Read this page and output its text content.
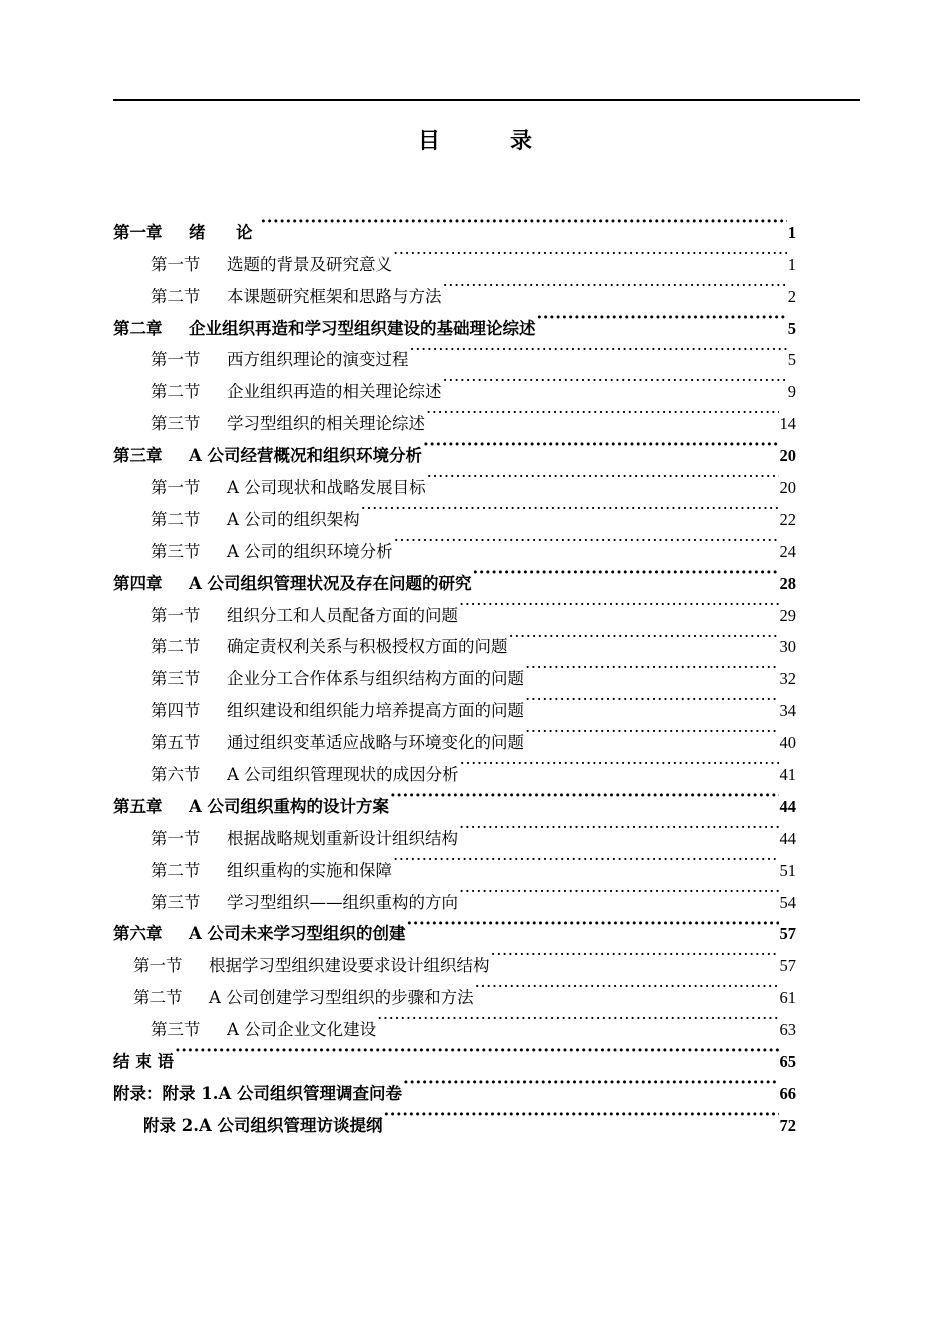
目　录
第一章	绪　论 ·····	1
第一节	选题的背景及研究意义 ·····	1
第二节	本课题研究框架和思路与方法 ·····	2
第二章	企业组织再造和学习型组织建设的基础理论综述 ·····	5
第一节	西方组织理论的演变过程 ·····	5
第二节	企业组织再造的相关理论综述 ·····	9
第三节	学习型组织的相关理论综述 ·····	14
第三章	A 公司经营概况和组织环境分析 ·····	20
第一节	A 公司现状和战略发展目标 ·····	20
第二节	A 公司的组织架构 ·····	22
第三节	A 公司的组织环境分析 ·····	24
第四章	A 公司组织管理状况及存在问题的研究 ·····	28
第一节	组织分工和人员配备方面的问题 ·····	29
第二节	确定责权利关系与积极授权方面的问题 ·····	30
第三节	企业分工合作体系与组织结构方面的问题 ·····	32
第四节	组织建设和组织能力培养提高方面的问题 ·····	34
第五节	通过组织变革适应战略与环境变化的问题 ·····	40
第六节	A 公司组织管理现状的成因分析 ·····	41
第五章	A 公司组织重构的设计方案 ·····	44
第一节	根据战略规划重新设计组织结构 ·····	44
第二节	组织重构的实施和保障 ·····	51
第三节	学习型组织——组织重构的方向 ·····	54
第六章	A 公司未来学习型组织的创建 ·····	57
第一节	根据学习型组织建设要求设计组织结构 ·····	57
第二节	A 公司创建学习型组织的步骤和方法 ·····	61
第三节	A 公司企业文化建设 ·····	63
结 束 语 ·····	65
附录：附录 1.A 公司组织管理调查问卷 ·····	66
附录 2.A 公司组织管理访谈提纲 ·····	72
